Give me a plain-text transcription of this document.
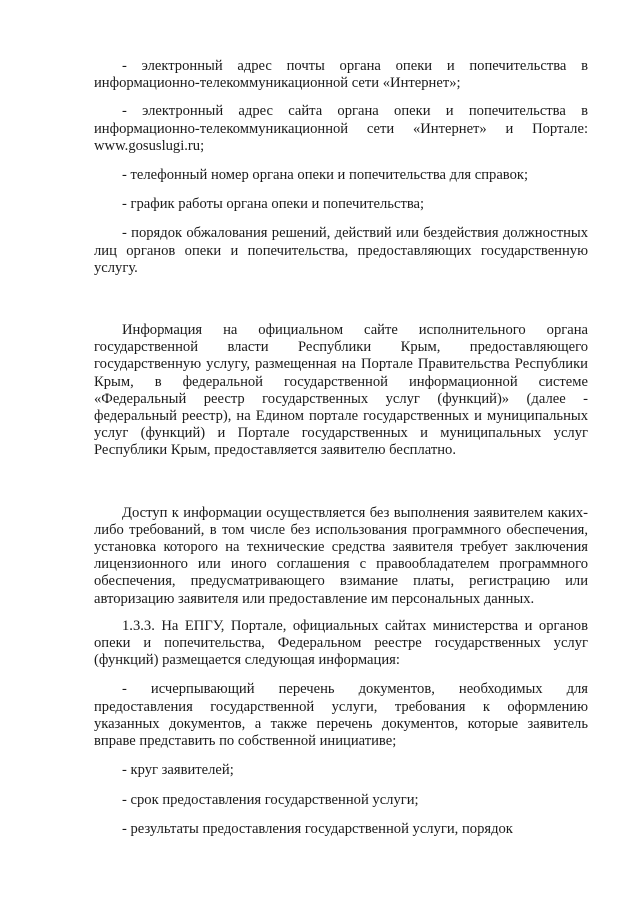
- электронный адрес почты органа опеки и попечительства в информационно-телекоммуникационной сети «Интернет»;

- электронный адрес сайта органа опеки и попечительства в информационно-телекоммуникационной сети «Интернет» и Портале: www.gosuslugi.ru;

- телефонный номер органа опеки и попечительства для справок;

- график работы органа опеки и попечительства;

- порядок обжалования решений, действий или бездействия должностных лиц органов опеки и попечительства, предоставляющих государственную услугу.

Информация на официальном сайте исполнительного органа государственной власти Республики Крым, предоставляющего государственную услугу, размещенная на Портале Правительства Республики Крым, в федеральной государственной информационной системе «Федеральный реестр государственных услуг (функций)» (далее - федеральный реестр), на Едином портале государственных и муниципальных услуг (функций) и Портале государственных и муниципальных услуг Республики Крым, предоставляется заявителю бесплатно.

Доступ к информации осуществляется без выполнения заявителем каких-либо требований, в том числе без использования программного обеспечения, установка которого на технические средства заявителя требует заключения лицензионного или иного соглашения с правообладателем программного обеспечения, предусматривающего взимание платы, регистрацию или авторизацию заявителя или предоставление им персональных данных.

1.3.3. На ЕПГУ, Портале, официальных сайтах министерства и органов опеки и попечительства, Федеральном реестре государственных услуг (функций) размещается следующая информация:

- исчерпывающий перечень документов, необходимых для предоставления государственной услуги, требования к оформлению указанных документов, а также перечень документов, которые заявитель вправе представить по собственной инициативе;

- круг заявителей;

- срок предоставления государственной услуги;

- результаты предоставления государственной услуги, порядок
